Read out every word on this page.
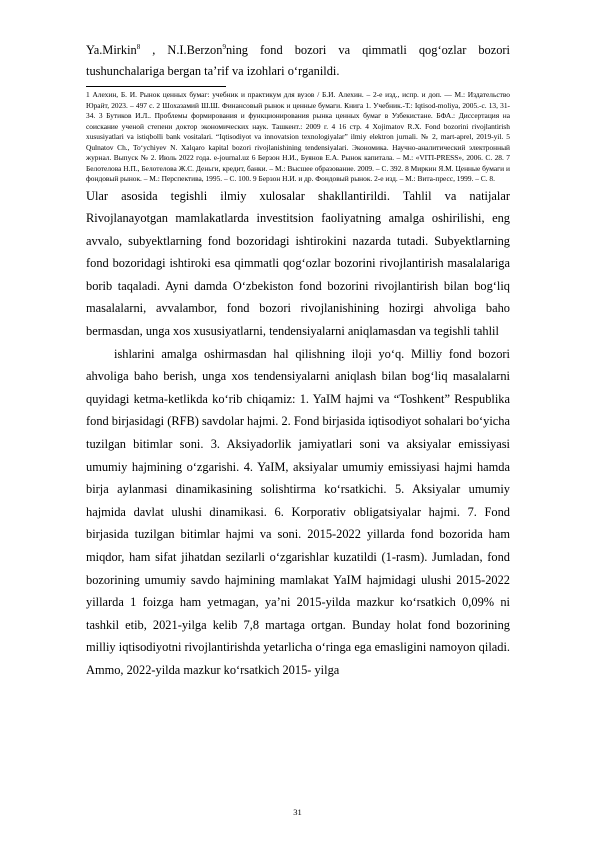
Ya.Mirkin$^8$ , N.I.Berzon$^9$ning fond bozori va qimmatli qog‘ozlar bozori

tushunchalariga bergan ta’rif va izohlari o‘rganildi.

1 Алехин, Б. И. Рынок ценных бумаг: учебник и практикум для вузов / Б.И. Алехин. – 2-е изд., испр. и доп. — М.: Издательство Юрайт, 2023. – 497 с. 2 Шохазамий Ш.Ш. Финансовый рынок и ценные бумаги. Книга 1. Учебник.-Т.: Iqtisod-moliya, 2005.-с. 13, 31- 34. 3 Бутиков И.Л.. Проблемы формирования и функционирования рынка ценных бумаг в Узбекистане. БФА.: Диссертация на соискание ученой степени доктор экономических наук. Ташкент.: 2009 г. 4 16 стр. 4 Xojimatov R.X. Fond bozorini rivojlantirish xususiyatlari va istiqbolli bank vositalari. “Iqtisodiyot va innovatsion texnologiyalar” ilmiy elektron jurnali. № 2, mart-aprel, 2019-yil. 5 Qulnatov Ch., To‘ychiyev N. Xalqaro kapital bozori rivojlanishining tendensiyalari. Экономика. Научно-аналитический электронный журнал. Выпуск № 2. Июль 2022 года. e-journal.uz 6 Берзон Н.И., Буянов Е.А. Рынок капитала. – М.: «VITI-PRESS», 2006. С. 28. 7 Белотелова Н.П., Белотелова Ж.С. Деньги, кредит, банки. – М.: Высшее образование. 2009. – С. 392. 8 Миркин Я.М. Ценные бумаги и фондовый рынок. – М.: Перспектива, 1995. – С. 100. 9 Берзон Н.И. и др. Фондовый рынок. 2-е изд. – М.: Вита-пресс, 1999. – С. 8.

Ular asosida tegishli ilmiy xulosalar shakllantirildi. Tahlil va natijalar Rivojlanayotgan mamlakatlarda investitsion faoliyatning amalga oshirilishi, eng avvalo, subyektlarning fond bozoridagi ishtirokini nazarda tutadi. Subyektlarning fond bozoridagi ishtiroki esa qimmatli qog‘ozlar bozorini rivojlantirish masalalariga borib taqaladi. Ayni damda O‘zbekiston fond bozorini rivojlantirish bilan bog‘liq masalalarni, avvalambor, fond bozori rivojlanishining hozirgi ahvoliga baho bermasdan, unga xos xususiyatlarni, tendensiyalarni aniqlamasdan va tegishli tahlil

ishlarini amalga oshirmasdan hal qilishning iloji yo‘q. Milliy fond bozori ahvoliga baho berish, unga xos tendensiyalarni aniqlash bilan bog‘liq masalalarni quyidagi ketma-ketlikda ko‘rib chiqamiz: 1. YaIM hajmi va “Toshkent” Respublika fond birjasidagi (RFB) savdolar hajmi. 2. Fond birjasida iqtisodiyot sohalari bo‘yicha tuzilgan bitimlar soni. 3. Aksiyadorlik jamiyatlari soni va aksiyalar emissiyasi umumiy hajmining o‘zgarishi. 4. YaIM, aksiyalar umumiy emissiyasi hajmi hamda birja aylanmasi dinamikasining solishtirma ko‘rsatkichi. 5. Aksiyalar umumiy hajmida davlat ulushi dinamikasi. 6. Korporativ obligatsiyalar hajmi. 7. Fond birjasida tuzilgan bitimlar hajmi va soni. 2015-2022 yillarda fond bozorida ham miqdor, ham sifat jihatdan sezilarli o‘zgarishlar kuzatildi (1-rasm). Jumladan, fond bozorining umumiy savdo hajmining mamlakat YaIM hajmidagi ulushi 2015-2022 yillarda 1 foizga ham yetmagan, ya’ni 2015-yilda mazkur ko‘rsatkich 0,09% ni tashkil etib, 2021-yilga kelib 7,8 martaga ortgan. Bunday holat fond bozorining milliy iqtisodiyotni rivojlantirishda yetarlicha o‘ringa ega emasligini namoyon qiladi. Ammo, 2022-yilda mazkur ko‘rsatkich 2015- yilga

31
